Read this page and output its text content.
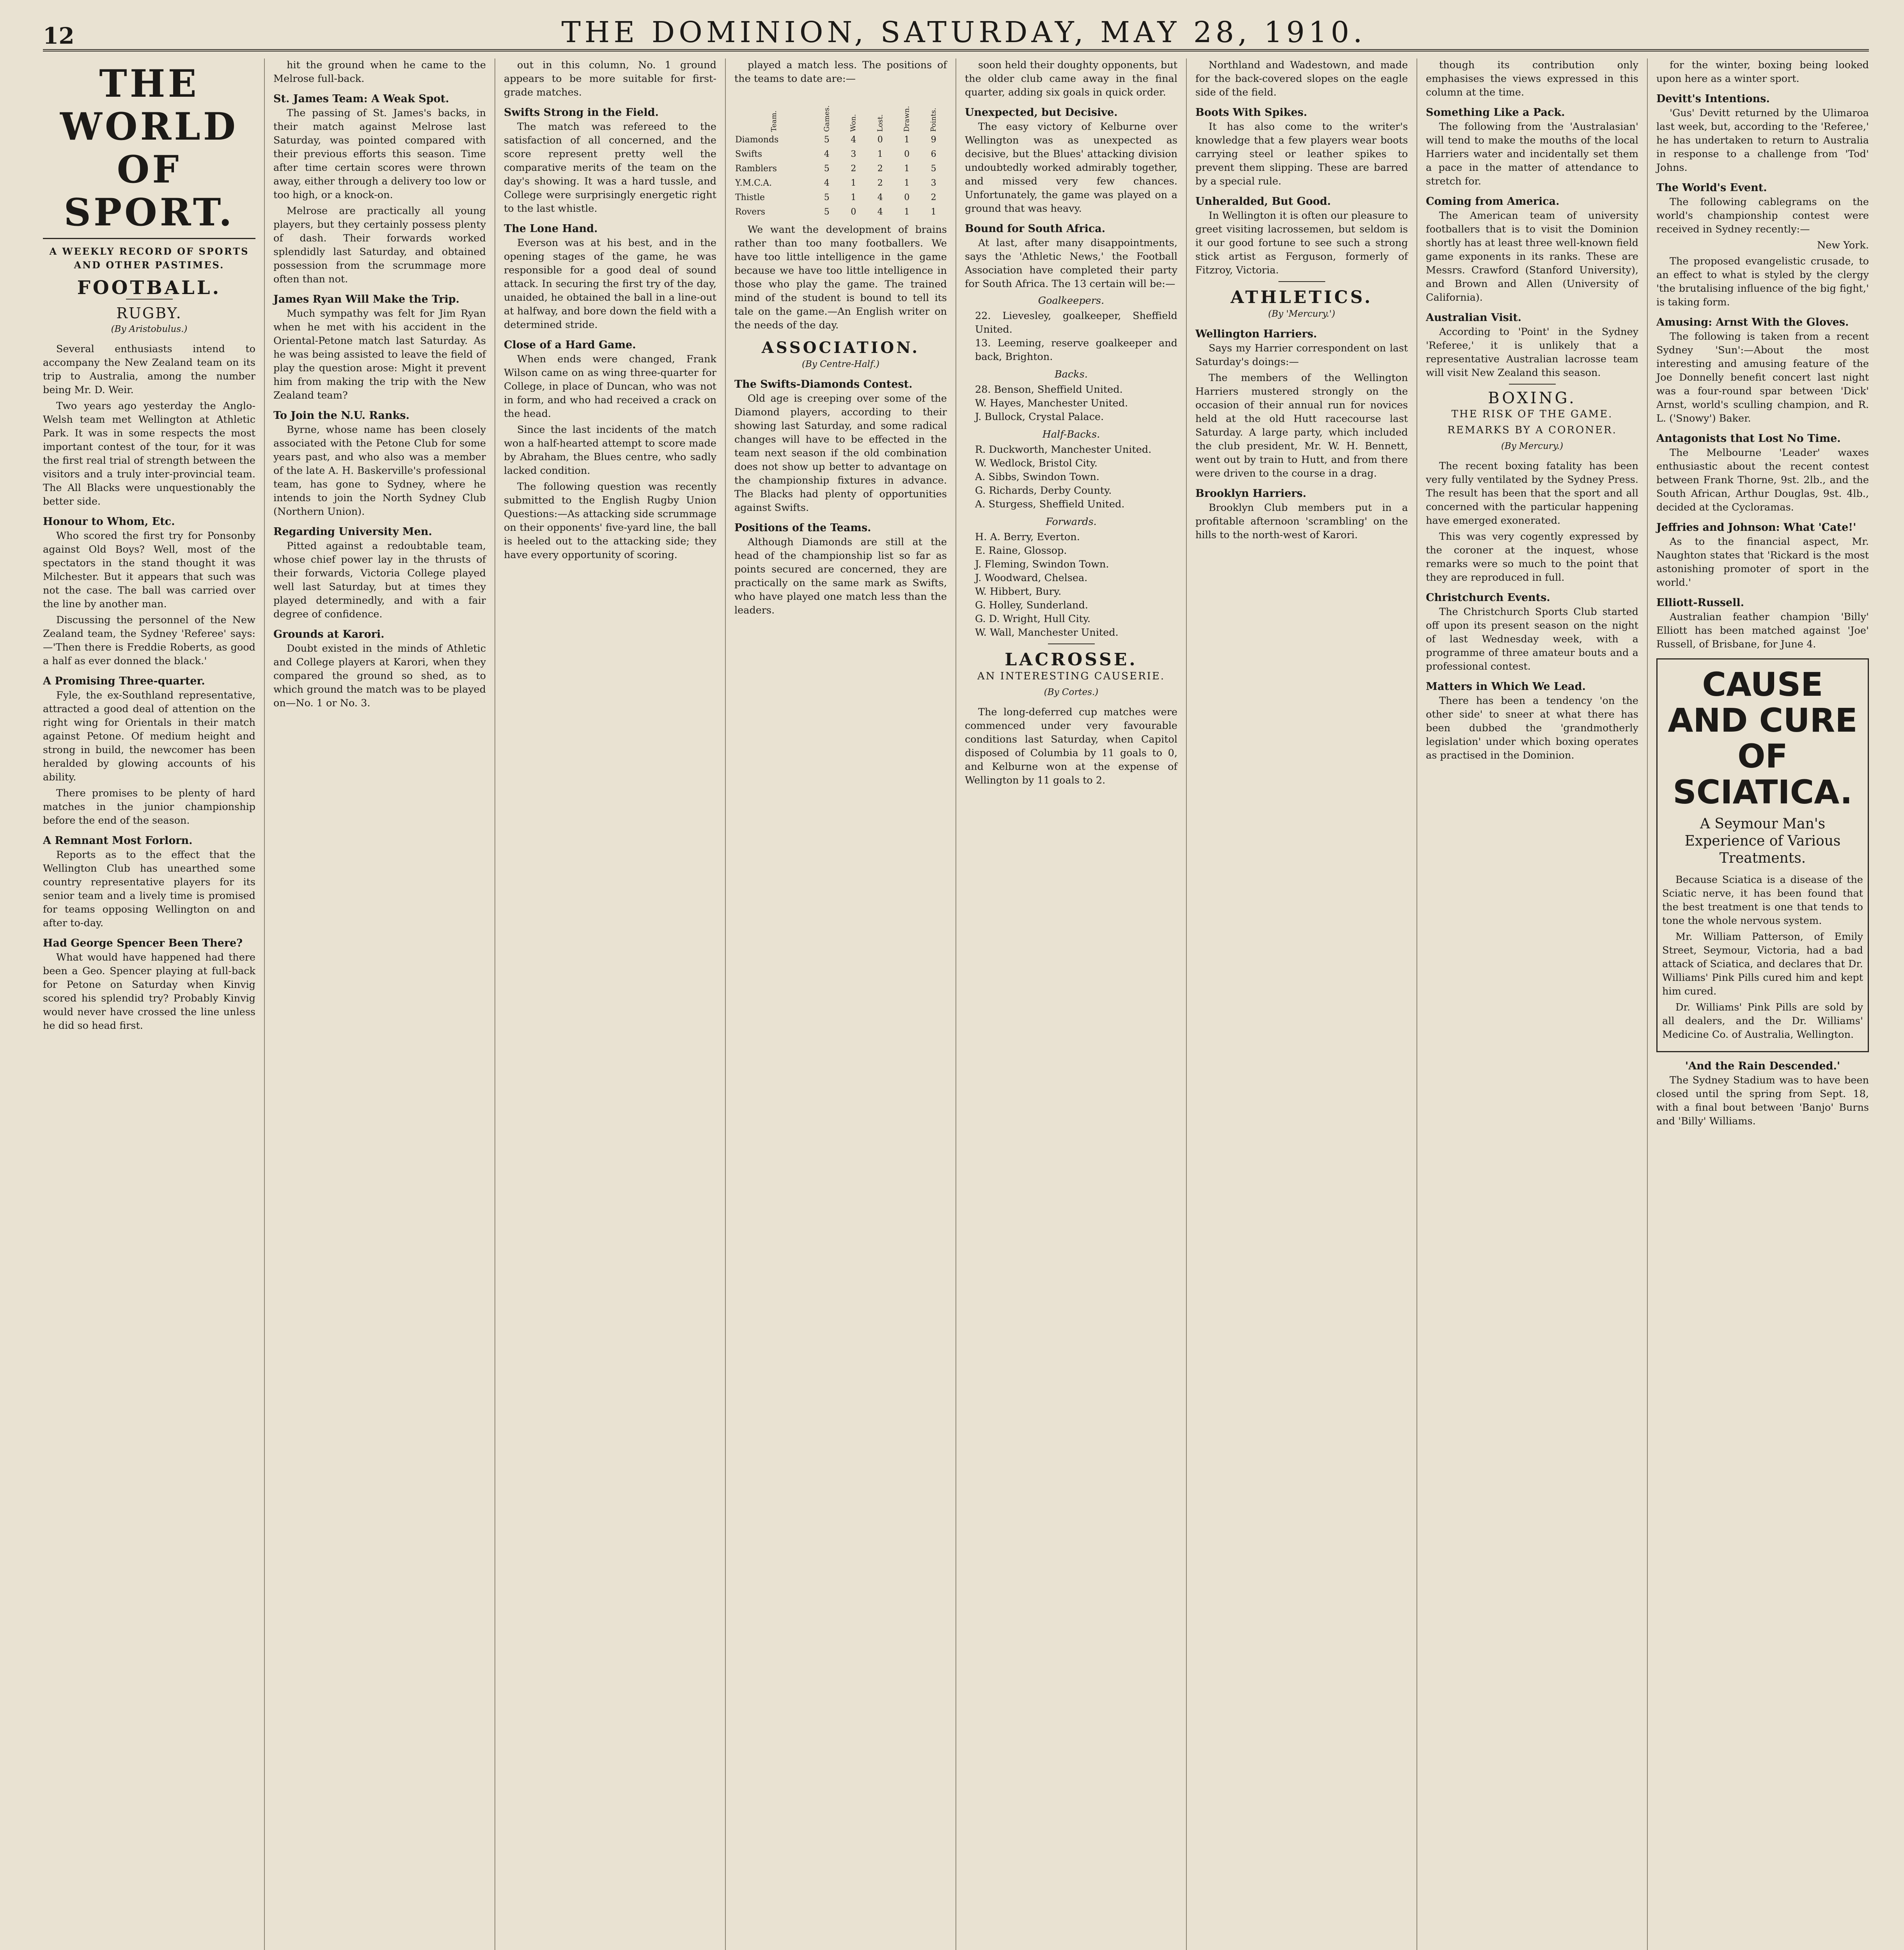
12	THE DOMINION, SATURDAY, MAY 28, 1910.
THE WORLD OF SPORT.
A WEEKLY RECORD OF SPORTS AND OTHER PASTIMES.
FOOTBALL.
RUGBY.
(By Aristobulus.)

Several enthusiasts intend to accompany the New Zealand team on its trip to Australia, among the number being Mr. D. Weir.

Two years ago yesterday the Anglo-Welsh team met Wellington at Athletic Park. It was in some respects the most important contest of the tour, for it was the first real trial of strength between the visitors and a truly inter-provincial team. The All Blacks were unquestionably the better side.

Honour to Whom, Etc.

Who scored the first try for Ponsonby against Old Boys? Well, most of the spectators in the stand thought it was Milchester. But it appears that such was not the case. The ball was carried over the line by another man.

Discussing the personnel of the New Zealand team, the Sydney 'Referee' says:—'Then there is Freddie Roberts, as good a half as ever donned the black.'

A Promising Three-quarter.

Fyle, the ex-Southland representative, attracted a good deal of attention on the right wing for Orientals in their match against Petone. Of medium height and strong in build, the newcomer has been heralded by glowing accounts of his ability.

There promises to be plenty of hard matches in the junior championship before the end of the season.

A Remnant Most Forlorn.

Reports as to the effect that the Wellington Club has unearthed some country representative players for its senior team and a lively time is promised for teams opposing Wellington on and after to-day.

Had George Spencer Been There?

What would have happened had there been a Geo. Spencer playing at full-back for Petone on Saturday when Kinvig scored his splendid try? Probably Kinvig would never have crossed the line unless he did so head first.

hit the ground when he came to the Melrose full-back.

St. James Team: A Weak Spot.

The passing of St. James's backs, in their match against Melrose last Saturday, was pointed compared with their previous efforts this season. Time after time certain scores were thrown away, either through a delivery too low or too high, or a knock-on.

Melrose are practically all young players, but they certainly possess plenty of dash. Their forwards worked splendidly last Saturday, and obtained possession from the scrummage more often than not.

James Ryan Will Make the Trip.

Much sympathy was felt for Jim Ryan when he met with his accident in the Oriental-Petone match last Saturday. As he was being assisted to leave the field of play the question arose: Might it prevent him from making the trip with the New Zealand team?

To Join the N.U. Ranks.

Byrne, whose name has been closely associated with the Petone Club for some years past, and who also was a member of the late A. H. Baskerville's professional team, has gone to Sydney, where he intends to join the North Sydney Club (Northern Union).

Regarding University Men.

Pitted against a redoubtable team, whose chief power lay in the thrusts of their forwards, Victoria College played well last Saturday, but at times they played determinedly, and with a fair degree of confidence.

Grounds at Karori.

Doubt existed in the minds of Athletic and College players at Karori, when they compared the ground so shed, as to which ground the match was to be played on—No. 1 or No. 3.

out in this column, No. 1 ground appears to be more suitable for first-grade matches.

Swifts Strong in the Field.

The match was refereed to the satisfaction of all concerned, and the score represent pretty well the comparative merits of the team on the day's showing. It was a hard tussle, and College were surprisingly energetic right to the last whistle.

The Lone Hand.

Everson was at his best, and in the opening stages of the game, he was responsible for a good deal of sound attack. In securing the first try of the day, unaided, he obtained the ball in a line-out at halfway, and bore down the field with a determined stride.

Close of a Hard Game.

When ends were changed, Frank Wilson came on as wing three-quarter for College, in place of Duncan, who was not in form, and who had received a crack on the head.

Since the last incidents of the match won a half-hearted attempt to score made by Abraham, the Blues centre, who sadly lacked condition.

The following question was recently submitted to the English Rugby Union Questions:—As attacking side scrummage on their opponents' five-yard line, the ball is heeled out to the attacking side; they have every opportunity of scoring.

played a match less. The positions of the teams to date are:—

Team.	Games.	Won.	Lost.	Drawn.	Points.
Diamonds	5	4	0	1	9
Swifts	4	3	1	0	6
Ramblers	5	2	2	1	5
Y.M.C.A.	4	1	2	1	3
Thistle	5	1	4	0	2
Rovers	5	0	4	1	1

We want the development of brains rather than too many footballers. We have too little intelligence in the game because we have too little intelligence in those who play the game. The trained mind of the student is bound to tell its tale on the game.—An English writer on the needs of the day.

ASSOCIATION.
(By Centre-Half.)
The Swifts-Diamonds Contest.

Old age is creeping over some of the Diamond players, according to their showing last Saturday, and some radical changes will have to be effected in the team next season if the old combination does not show up better to advantage on the championship fixtures in advance. The Blacks had plenty of opportunities against Swifts.

Positions of the Teams.

Although Diamonds are still at the head of the championship list so far as points secured are concerned, they are practically on the same mark as Swifts, who have played one match less than the leaders.

soon held their doughty opponents, but the older club came away in the final quarter, adding six goals in quick order.

Unexpected, but Decisive.

The easy victory of Kelburne over Wellington was as unexpected as decisive, but the Blues' attacking division undoubtedly worked admirably together, and missed very few chances. Unfortunately, the game was played on a ground that was heavy.

Bound for South Africa.

At last, after many disappointments, says the 'Athletic News,' the Football Association have completed their party for South Africa. The 13 certain will be:—

Goalkeepers.
22. Lievesley, goalkeeper, Sheffield United.
13. Leeming, reserve goalkeeper and back, Brighton.
Backs.
28. Benson, Sheffield United.
W. Hayes, Manchester United.
J. Bullock, Crystal Palace.
Half-Backs.
R. Duckworth, Manchester United.
W. Wedlock, Bristol City.
A. Sibbs, Swindon Town.
G. Richards, Derby County.
A. Sturgess, Sheffield United.
Forwards.
H. A. Berry, Everton.
E. Raine, Glossop.
J. Fleming, Swindon Town.
J. Woodward, Chelsea.
W. Hibbert, Bury.
G. Holley, Sunderland.
G. D. Wright, Hull City.
W. Wall, Manchester United.
LACROSSE.
AN INTERESTING CAUSERIE.
(By Cortes.)

The long-deferred cup matches were commenced under very favourable conditions last Saturday, when Capitol disposed of Columbia by 11 goals to 0, and Kelburne won at the expense of Wellington by 11 goals to 2.

Northland and Wadestown, and made for the back-covered slopes on the eagle side of the field.

Boots With Spikes.

It has also come to the writer's knowledge that a few players wear boots carrying steel or leather spikes to prevent them slipping. These are barred by a special rule.

Unheralded, But Good.

In Wellington it is often our pleasure to greet visiting lacrossemen, but seldom is it our good fortune to see such a strong stick artist as Ferguson, formerly of Fitzroy, Victoria.

ATHLETICS.
(By 'Mercury.')
Wellington Harriers.

Says my Harrier correspondent on last Saturday's doings:—

The members of the Wellington Harriers mustered strongly on the occasion of their annual run for novices held at the old Hutt racecourse last Saturday. A large party, which included the club president, Mr. W. H. Bennett, went out by train to Hutt, and from there were driven to the course in a drag.

Brooklyn Harriers.

Brooklyn Club members put in a profitable afternoon 'scrambling' on the hills to the north-west of Karori.

though its contribution only emphasises the views expressed in this column at the time.

Something Like a Pack.

The following from the 'Australasian' will tend to make the mouths of the local Harriers water and incidentally set them a pace in the matter of attendance to stretch for.

Coming from America.

The American team of university footballers that is to visit the Dominion shortly has at least three well-known field game exponents in its ranks. These are Messrs. Crawford (Stanford University), and Brown and Allen (University of California).

Australian Visit.

According to 'Point' in the Sydney 'Referee,' it is unlikely that a representative Australian lacrosse team will visit New Zealand this season.

BOXING.
THE RISK OF THE GAME.
REMARKS BY A CORONER.
(By Mercury.)

The recent boxing fatality has been very fully ventilated by the Sydney Press. The result has been that the sport and all concerned with the particular happening have emerged exonerated.

This was very cogently expressed by the coroner at the inquest, whose remarks were so much to the point that they are reproduced in full.

Christchurch Events.

The Christchurch Sports Club started off upon its present season on the night of last Wednesday week, with a programme of three amateur bouts and a professional contest.

Matters in Which We Lead.

There has been a tendency 'on the other side' to sneer at what there has been dubbed the 'grandmotherly legislation' under which boxing operates as practised in the Dominion.

for the winter, boxing being looked upon here as a winter sport.

Devitt's Intentions.

'Gus' Devitt returned by the Ulimaroa last week, but, according to the 'Referee,' he has undertaken to return to Australia in response to a challenge from 'Tod' Johns.

The World's Event.

The following cablegrams on the world's championship contest were received in Sydney recently:—

New York.

The proposed evangelistic crusade, to an effect to what is styled by the clergy 'the brutalising influence of the big fight,' is taking form.

Amusing: Arnst With the Gloves.

The following is taken from a recent Sydney 'Sun':—About the most interesting and amusing feature of the Joe Donnelly benefit concert last night was a four-round spar between 'Dick' Arnst, world's sculling champion, and R. L. ('Snowy') Baker.

Antagonists that Lost No Time.

The Melbourne 'Leader' waxes enthusiastic about the recent contest between Frank Thorne, 9st. 2lb., and the South African, Arthur Douglas, 9st. 4lb., decided at the Cycloramas.

Jeffries and Johnson: What 'Cate!'

As to the financial aspect, Mr. Naughton states that 'Rickard is the most astonishing promoter of sport in the world.'

Elliott-Russell.

Australian feather champion 'Billy' Elliott has been matched against 'Joe' Russell, of Brisbane, for June 4.

CAUSE AND CURE OF SCIATICA.
A Seymour Man's Experience of Various Treatments.

Because Sciatica is a disease of the Sciatic nerve, it has been found that the best treatment is one that tends to tone the whole nervous system.

Mr. William Patterson, of Emily Street, Seymour, Victoria, had a bad attack of Sciatica, and declares that Dr. Williams' Pink Pills cured him and kept him cured.

Dr. Williams' Pink Pills are sold by all dealers, and the Dr. Williams' Medicine Co. of Australia, Wellington.

'And the Rain Descended.'

The Sydney Stadium was to have been closed until the spring from Sept. 18, with a final bout between 'Banjo' Burns and 'Billy' Williams.
